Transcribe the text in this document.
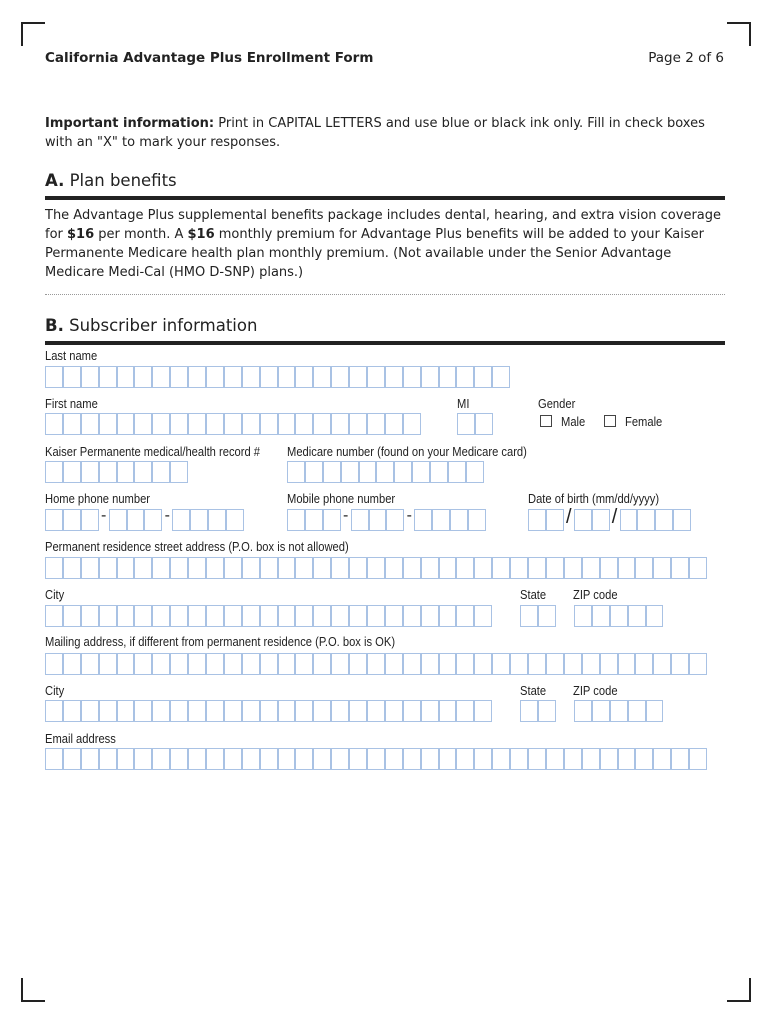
California Advantage Plus Enrollment Form	Page 2 of 6
Important information: Print in CAPITAL LETTERS and use blue or black ink only. Fill in check boxes with an "X" to mark your responses.
A. Plan benefits
The Advantage Plus supplemental benefits package includes dental, hearing, and extra vision coverage for $16 per month. A $16 monthly premium for Advantage Plus benefits will be added to your Kaiser Permanente Medicare health plan monthly premium. (Not available under the Senior Advantage Medicare Medi-Cal (HMO D-SNP) plans.)
B. Subscriber information
Last name
First name	MI	Gender
Male	Female
Kaiser Permanente medical/health record # Medicare number (found on your Medicare card)
Home phone number
-	-
Mobile phone number
-	-
Date of birth (mm/dd/yyyy)
/ /
Permanent residence street address (P.O. box is not allowed)
City	State ZIP code
Mailing address, if different from permanent residence (P.O. box is OK)
City	State ZIP code
Email address
